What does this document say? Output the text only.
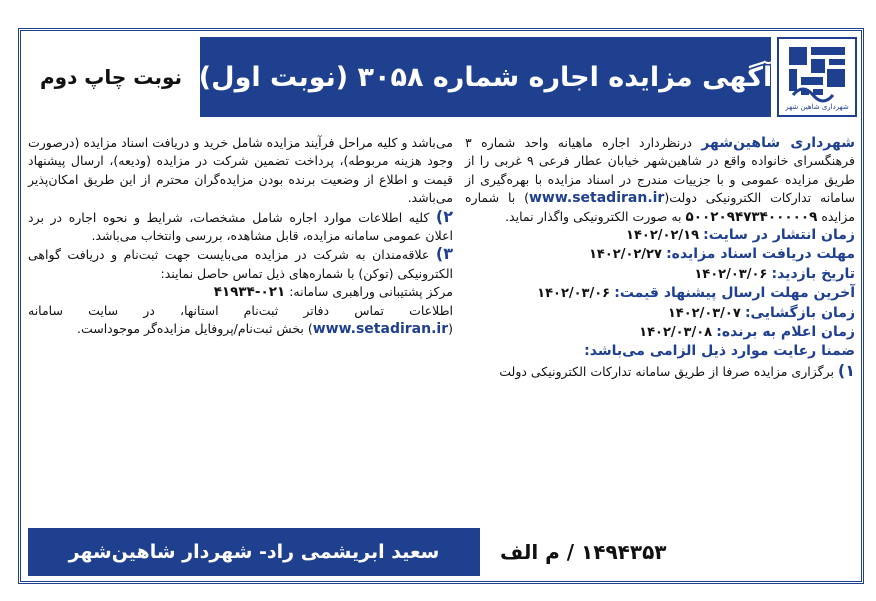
شهرداری شاهین شهر
آگهی مزایده اجاره شماره ۳۰۵۸ (نوبت اول)
نوبت چاپ دوم

شهرداری شاهین‌شهر درنظردارد اجاره ماهیانه واحد شماره ۳ فرهنگسرای خانواده واقع در شاهین‌شهر خیابان عطار فرعی ۹ غربی را از طریق مزایده عمومی و با جزییات مندرج در اسناد مزایده با بهره‌گیری از سامانه تدارکات الکترونیکی دولت(www.setadiran.ir) با شماره مزایده ۵۰۰۲۰۹۴۷۳۴۰۰۰۰۰۹ به صورت الکترونیکی واگذار نماید.

زمان انتشار در سایت: ۱۴۰۲/۰۲/۱۹

مهلت دریافت اسناد مزایده: ۱۴۰۲/۰۲/۲۷

تاریخ بازدید: ۱۴۰۲/۰۳/۰۶

آخرین مهلت ارسال پیشنهاد قیمت: ۱۴۰۲/۰۳/۰۶

زمان بازگشایی: ۱۴۰۲/۰۳/۰۷

زمان اعلام به برنده: ۱۴۰۲/۰۳/۰۸

ضمنا رعایت موارد ذیل الزامی می‌باشد:

۱) برگزاری مزایده صرفا از طریق سامانه تدارکات الکترونیکی دولت

می‌باشد و کلیه مراحل فرآیند مزایده شامل خرید و دریافت اسناد مزایده (درصورت وجود هزینه مربوطه)، پرداخت تضمین شرکت در مزایده (ودیعه)، ارسال پیشنهاد قیمت و اطلاع از وضعیت برنده بودن مزایده‌گران محترم از این طریق امکان‌پذیر می‌باشد.

۲) کلیه اطلاعات موارد اجاره شامل مشخصات، شرایط و نحوه اجاره در برد اعلان عمومی سامانه مزایده، قابل مشاهده، بررسی وانتخاب می‌باشد.

۳) علاقه‌مندان به شرکت در مزایده می‌بایست جهت ثبت‌نام و دریافت گواهی الکترونیکی (توکن) با شماره‌های ذیل تماس حاصل نمایند:

مرکز پشتیبانی وراهبری سامانه: ۰۲۱-۴۱۹۳۴

اطلاعات تماس دفاتر ثبت‌نام استانها، در سایت سامانه (www.setadiran.ir) بخش ثبت‌نام/پروفایل مزایده‌گر موجوداست.

سعید ابریشمی راد- شهردار شاهین‌شهر	۱۴۹۴۳۵۳ / م الف
